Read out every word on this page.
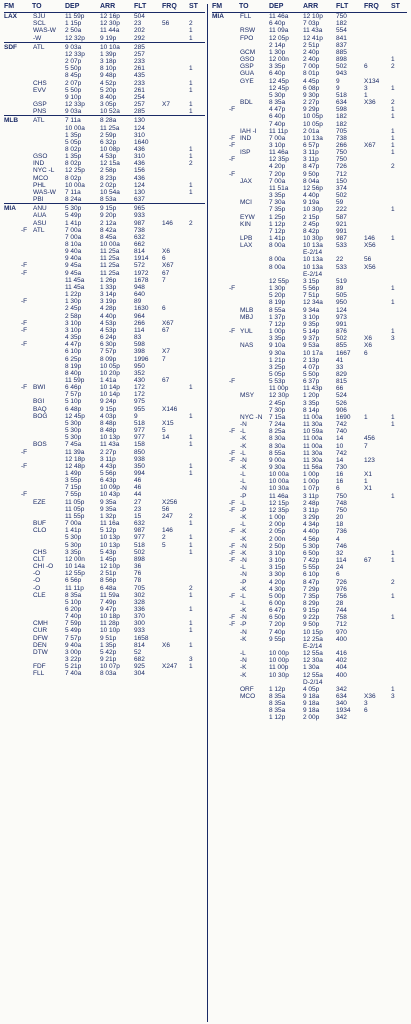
FM		TO	DEP	ARR	FLT	FRQ	ST
LAX		SJU	11 59p	12 16p	504		
		SCL	1 15p	12 30p	23	56	2
		WAS-W	2 50a	11 44a	202		1
		-W	12 32p	9 19p	292		1

SDF		ATL	9 03a	10 10a	285		
			12 33p	1 39p	257		
			2 07p	3 18p	233		
			5 50p	8 10p	261		1
			8 45p	9 48p	435		
		CHS	2 07p	4 52p	233		1
		EVV	5 50p	5 20p	261		1
			9 10p	8 40p	254		
		GSP	12 33p	3 05p	257	X7	1
		PNS	9 03a	10 52a	285		1

MLB		ATL	7 11a	8 28a	130		
			10 00a	11 25a	124		
			1 35p	2 59p	310		
			5 05p	6 32p	1640		
			8 02p	10 08p	436		1
		GSO	1 35p	4 53p	310		1
		IND	8 02p	12 15a	436		2
		NYC -L	12 25p	2 58p	156		
		MCO	8 02p	8 23p	436		
		PHL	10 00a	2 02p	124		1
		WAS-W	7 11a	10 54a	130		1
		PBI	8 24a	8 53a	637		

MIA		ANU	5 30p	9 15p	965		
		AUA	5 49p	9 20p	933		
		ASU	1 41p	2 12a	987	146	2
	-F	ATL	7 00a	8 42a	738		
			7 00a	8 45a	632		
			8 10a	10 00a	662		
			9 40a	11 25a	814	X6	
			9 40a	11 25a	1914	6	
	-F		9 45a	11 25a	572	X67	
	-F		9 45a	11 25a	1972	67	
			11 45a	1 26p	1678	7	
			11 45a	1 33p	948		
			1 22p	3 14p	640		
	-F		1 30p	3 19p	89		
			2 45p	4 28p	1630	6	
			2 58p	4 40p	964		
	-F		3 10p	4 53p	266	X67	
	-F		3 10p	4 53p	114	67	
			4 35p	6 24p	83		
	-F		4 47p	6 30p	598		
			6 10p	7 57p	398	X7	
			6 25p	8 09p	1996	7	
			8 19p	10 05p	950		
			8 40p	10 20p	352		
			11 59p	1 41a	430	67	
	-F	BWI	6 46p	10 14p	172		1
			7 57p	10 14p	172		
		BGI	5 10p	9 24p	975		
		BAQ	6 48p	9 15p	955	X146	
		BOG	12 45p	4 03p	9		1
			5 30p	8 48p	518	X15	
			5 30p	8 48p	977	5	
			5 30p	10 13p	977	14	1
		BOS	7 45a	11 43a	158		1
	-F		11 39a	2 27p	850		
			12 18p	3 11p	938		
	-F		12 48p	4 43p	350		1
			1 49p	5 56p	994		1
			3 55p	6 43p	46		
			7 15p	10 09p	46		
	-F		7 55p	10 43p	44		
		EZE	11 05p	9 35a	27	X256	
			11 05p	9 35a	23	56	
			11 55p	1 32p	15	247	2
		BUF	7 00a	11 16a	632		1
		CLO	1 41p	5 12p	987	146	
			5 30p	10 13p	977	2	1
			5 30p	10 13p	518	5	1
		CHS	3 35p	5 43p	502		1
		CLT	12 00n	1 45p	898		
		CHI -O	10 14a	12 10p	36		
		-O	12 55p	2 51p	76		
		-O	6 56p	8 56p	78		
		-O	11 11p	6 48a	705		2
		CLE	8 35a	11 59a	302		1
			5 10p	7 49p	328		
			6 20p	9 47p	336		1
			7 40p	10 18p	370		
		CMH	7 59p	11 28p	300		1
		CUR	5 49p	10 10p	933		1
		DFW	7 57p	9 51p	1658		
		DEN	9 40a	1 35p	814	X6	1
		DTW	3 00p	5 42p	52		
			3 22p	9 21p	682		3
		FDF	5 21p	10 07p	925	X247	1
		FLL	7 40a	8 03a	304		
FM		TO	DEP	ARR	FLT	FRQ	ST
MIA		FLL	11 46a	12 10p	750		
			6 40p	7 03p	182		
		RSW	11 09a	11 43a	554		
		FPO	12 05p	12 41p	841		
			2 14p	2 51p	837		
		GCM	1 30p	2 40p	885		
		GSO	12 00n	2 40p	898		1
		GSP	3 35p	7 00p	502	6	2
		GUA	6 40p	8 01p	943		
		GYE	12 45p	4 45p	9	X134	
			12 45p	6 08p	9	3	1
			5 30p	9 30p	518	1	
		BDL	8 35a	2 27p	634	X36	2
	-F		4 47p	9 29p	598		1
			6 40p	10 05p	182		1
			7 40p	10 05p	182		
		IAH -I	11 11p	2 01a	705		1
	-F	IND	7 00a	10 13a	738		1
	-F		3 10p	6 57p	266	X67	1
		ISP	11 46a	3 11p	750		1
	-F		12 35p	3 11p	750		
			4 20p	8 47p	726		2
	-F		7 20p	9 50p	712		
		JAX	7 00a	8 04a	150		
			11 51a	12 56p	374		
			3 35p	4 40p	502		
		MCI	7 30a	9 19a	59		
			7 35p	10 30p	222		1
		EYW	1 25p	2 15p	587		
		KIN	1 12p	2 45p	921		
			7 12p	8 42p	991		
		LPB	1 41p	10 30p	987	146	1
		LAX	8 00a	10 13a	533	X56	
				E-2/14			
			8 00a	10 13a	22	56	
			8 00a	10 13a	533	X56	
				E-2/14			
			12 55p	3 15p	519		
	-F		1 30p	5 56p	89		1
			5 20p	7 51p	505		
			8 19p	12 34a	950		1
		MLB	8 55a	9 34a	124		
		MBJ	1 37p	3 10p	973		
			7 12p	9 35p	991		
	-F	YUL	1 00p	5 14p	876		1
			3 35p	9 37p	502	X6	3
		NAS	9 10a	9 53a	855	X6	
			9 30a	10 17a	1667	6	
			1 21p	2 13p	41		
			3 25p	4 07p	33		
			5 05p	5 50p	829		
	-F		5 53p	6 37p	815		
			11 00p	11 43p	66		
		MSY	12 30p	1 20p	524		
			2 45p	3 35p	526		
			7 30p	8 14p	906		
		NYC -N	7 15a	11 00a	1690	1	1
		-N	7 24a	11 30a	742		1
	-F	-L	8 25a	10 59a	740		
		-K	8 30a	11 00a	14	456	
		-K	8 30a	11 00a	10	7	
	-F	-L	8 55a	11 30a	742		
	-F	-N	9 00a	11 30a	14	123	
		-K	9 30a	11 56a	730		
		-L	10 00a	1 00p	16	X1	
		-L	10 00a	1 00p	16	1	
		-N	10 30a	1 07p	6	X1	
		-P	11 46a	3 11p	750		1
	-F	-L	12 15p	2 48p	748		
	-F	-P	12 35p	3 11p	750		
		-K	1 00p	3 29p	20		
		-L	2 00p	4 34p	18		
	-F	-K	2 05p	4 40p	736		
		-K	2 00n	4 56p	4		
	-F	-N	2 50p	5 30p	746		
	-F	-K	3 10p	6 50p	32		1
	-F	-N	3 10p	7 42p	114	67	1
		-L	3 15p	5 55p	24		
		-N	3 30p	6 10p	6		
		-P	4 20p	8 47p	726		2
		-K	4 30p	7 29p	976		
	-F	-L	5 00p	7 35p	756		1
		-L	6 00p	8 29p	28		
		-K	6 47p	9 15p	744		
	-F	-N	6 50p	9 22p	758		1
	-F	-P	7 20p	9 50p	712		
		-N	7 40p	10 15p	970		
		-K	9 55p	12 25a	400		
				E-2/14			
		-L	10 00p	12 55a	416		
		-N	10 00p	12 30a	402		
		-K	11 00p	1 30a	404		
		-K	10 30p	12 55a	400		
				D-2/14			

		ORF	1 12p	4 05p	342		1
		MCO	8 35a	9 18a	634	X36	3
			8 35a	9 18a	340	3	
			8 35a	9 18a	1934	6	
			1 12p	2 00p	342		
